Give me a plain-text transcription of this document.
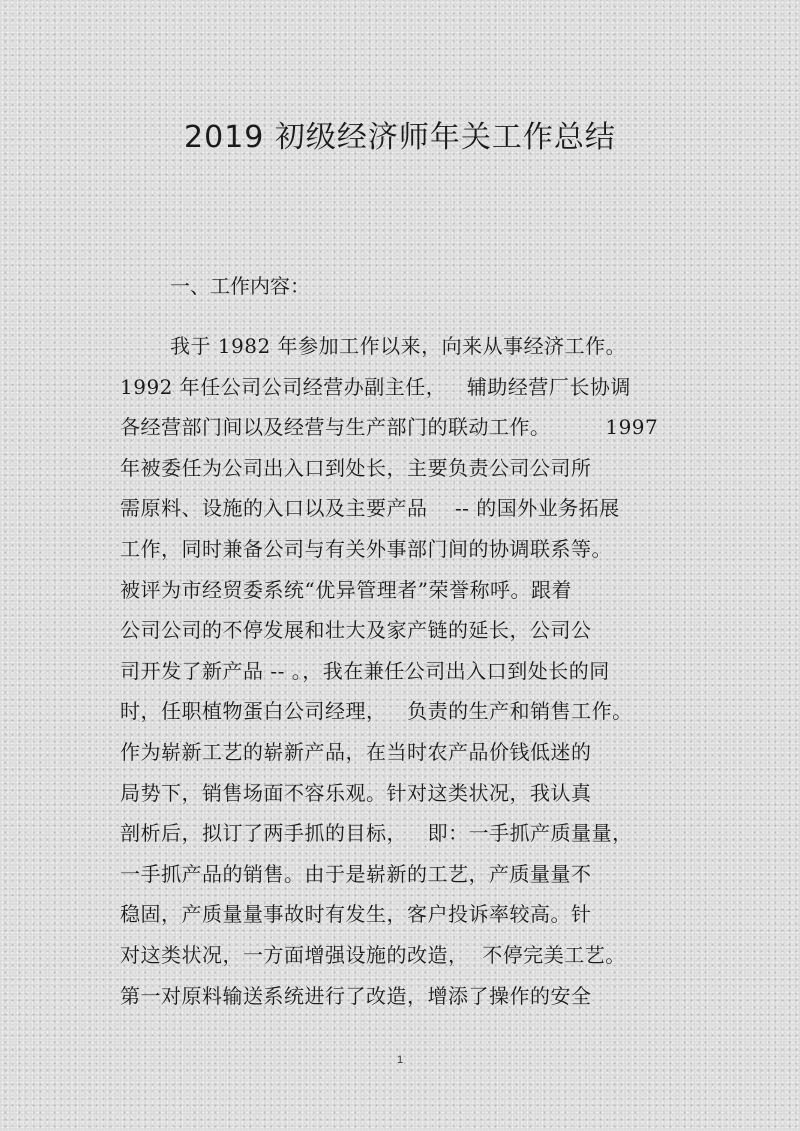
2019 初级经济师年关工作总结
一、工作内容：
我于 1982 年参加工作以来，向来从事经济工作。
1992 年任公司公司经营办副主任，   辅助经营厂长协调
各经营部门间以及经营与生产部门的联动工作。        1997
年被委任为公司出入口到处长，主要负责公司公司所
需原料、设施的入口以及主要产品    -- 的国外业务拓展
工作，同时兼备公司与有关外事部门间的协调联系等。
被评为市经贸委系统“优异管理者”荣誉称呼。跟着
公司公司的不停发展和壮大及家产链的延长，公司公
司开发了新产品 -- 。，我在兼任公司出入口到处长的同
时，任职植物蛋白公司经理，   负责的生产和销售工作。
作为崭新工艺的崭新产品，在当时农产品价钱低迷的
局势下，销售场面不容乐观。针对这类状况，我认真
剖析后，拟订了两手抓的目标，   即：一手抓产质量量，
一手抓产品的销售。由于是崭新的工艺，产质量量不
稳固，产质量量事故时有发生，客户投诉率较高。针
对这类状况，一方面增强设施的改造，  不停完美工艺。
第一对原料输送系统进行了改造，增添了操作的安全
1
